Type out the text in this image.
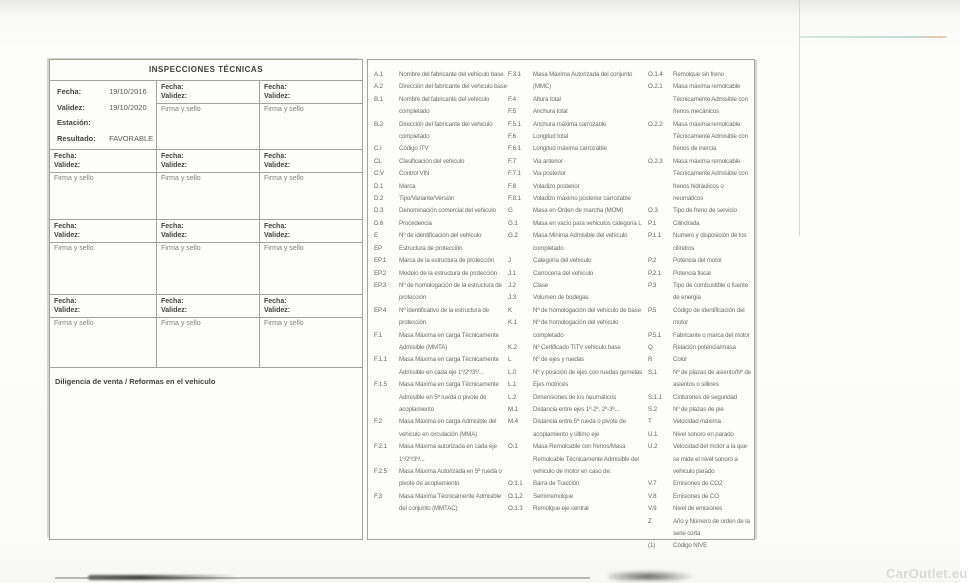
CarOutlet.eu
INSPECCIONES TÉCNICAS
Fecha:	19/10/2016
Validez:	19/10/2020
Estación:
Resultado: FAVORABLE
Fecha:
Validez:
Firma y sello
Fecha:
Validez:
Firma y sello
Fecha:
Validez:
Firma y sello
Fecha:
Validez:
Firma y sello
Fecha:
Validez:
Firma y sello
Fecha:
Validez:
Firma y sello
Fecha:
Validez:
Firma y sello
Fecha:
Validez:
Firma y sello
Fecha:
Validez:
Firma y sello
Fecha:
Validez:
Firma y sello
Fecha:
Validez:
Firma y sello
Diligencia de venta / Reformas en el vehiculo
A.1	Nombre del fabricante del vehiculo base
A.2	Dirección del fabricante del vehiculo base
B.1	Nombre del fabricante del vehiculo completado
B.2	Dirección del fabricante del vehiculo completado
C.I	Código ITV
CL	Clasificación del vehiculo
C.V	Control VIN
D.1	Marca
D.2	Tipo/Variante/Versión
D.3	Denominación comercial del vehiculo
D.6	Procedencia
E	Nº de identificación del vehiculo
EP	Estructura de protección
EP.1	Marca de la estructura de protección
EP.2	Modelo de la estructura de protección
EP.3	Nº de homologación de la estructura de protección
EP.4	Nº identificativo de la estructura de protección
F.1	Masa Máxima en carga Técnicamente Admisible (MMTA)
F.1.1	Masa Máxima en carga Técnicamente Admisible en cada eje 1º/2º/3º/...
F.1.5	Masa Máxima en carga Técnicamente Admisible en 5ª rueda o pivote de acoplamiento
F.2	Masa Máxima en carga Admisible del vehiculo en circulación (MMA)
F.2.1	Masa Máxima autorizada en cada eje 1º/2º/3º/...
F.2.5	Masa Máxima Autorizada en 5ª rueda o pivote de acoplamiento
F.3	Masa Máxima Técnicamente Admisible del conjunto (MMTAC)
F.3.1	Masa Máxima Autorizada del conjunto (MMC)
F.4	Altura total
F.5	Anchura total
F.5.1	Anchura máxima carrozable
F.6	Longitud total
F.6.1	Longitud máxima carrozable
F.7	Via anterior
F.7.1	Via posterior
F.8	Voladizo posterior
F.8.1	Voladizo máximo posterior carrozable
G	Masa en Orden de marcha (MOM)
G.1	Masa en vacío para vehiculos categoría L
G.2	Masa Minima Admisible del vehiculo completado
J	Categoría del vehiculo
J.1	Carrocería del vehiculo
J.2	Clase
J.3	Volumen de bodegas
K	Nº de homologación del vehiculo de base
K.1	Nº de homologación del vehiculo completado
K.2	Nº Certificado TITV vehiculo base
L	Nº de ejes y ruedas
L.0	Nº y posición de ejes con ruedas gemelas
L.1	Ejes motrices
L.2	Dimensiones de los neumáticos
M.1	Distancia entre ejes 1º-2º, 2º-3º...
M.4	Distancia entre 5ª rueda o pivote de acoplamiento y último eje
O.1	Masa Remolcable con frenos/Masa Remolcable Técnicamente Admisible del vehiculo de motor en caso de:
O.1.1	Barra de Tracción
O.1.2	Semirremolque
O.1.3	Remolque eje central
O.1.4	Remolque sin freno
O.2.1	Masa máxima remolcable Técnicamente Admisible con frenos mecánicos
O.2.2	Masa máxima remolcable Técnicamente Admisible con frenos de inercia
O.2.3	Masa máxima remolcable Técnicamente Admisible con frenos hidráulicos o neumáticos
O.3	Tipo de freno de servicio
P.1	Cilindrada
P.1.1	Numero y disposición de los cilindros
P.2	Potencia del motor
P.2.1	Potencia fiscal
P.3	Tipo de combustible o fuente de energia
P.5	Código de identificación del motor
P.5.1	Fabricante o marca del motor
Q	Relación potencia/masa
R	Color
S.1	Nº de plazas de asiento/Nº de asientos o sillines
S.1.1	Cinturones de seguridad
S.2	Nº de plazas de pie
T	Velocidad máxima
U.1	Nivel sonoro en parado
U.2	Velocidad del motor a la que se mide el nivel sonoro a vehiculo parado
V.7	Emisiones de CO2
V.8	Emisiones de CO
V.9	Nivel de emisiones
Z	Año y Número de orden de la serie corta
(1)	Código NIVE
